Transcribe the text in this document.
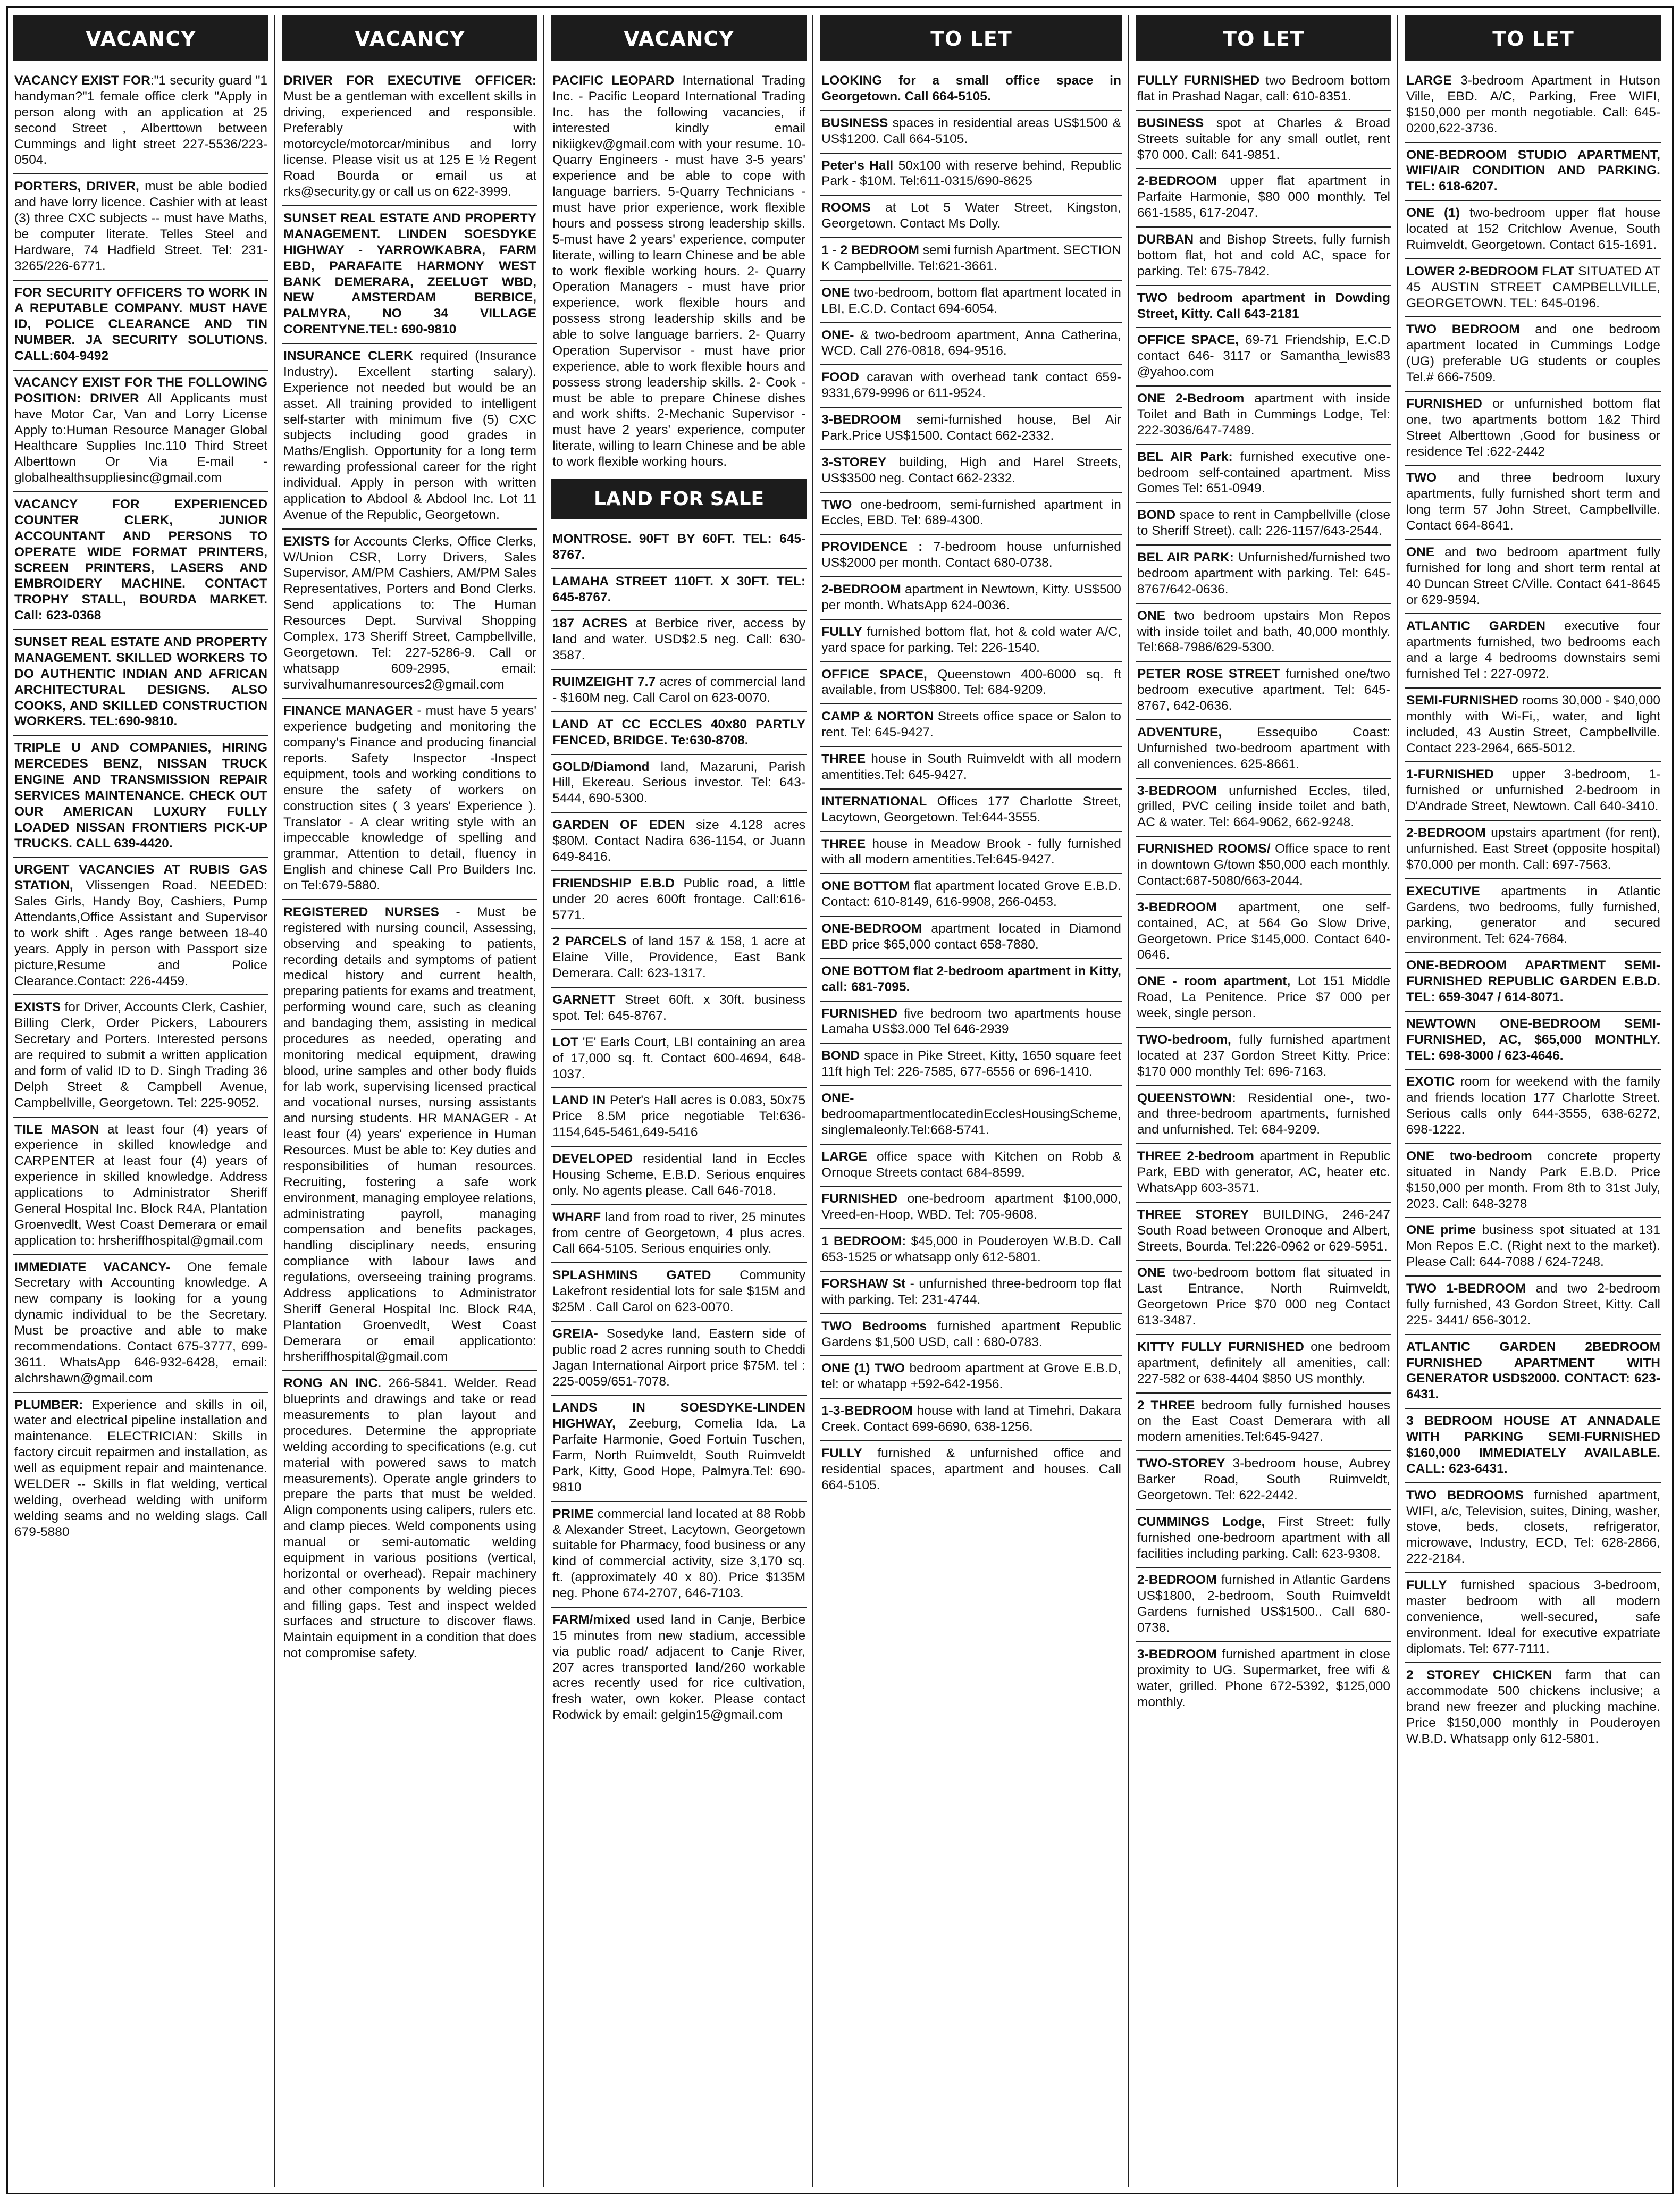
VACANCY
VACANCY EXIST FOR:"1 security guard "1 handyman?"1 female office clerk "Apply in person along with an application at 25 second Street , Alberttown between Cummings and light street 227-5536/223-0504.
PORTERS, DRIVER, must be able bodied and have lorry licence. Cashier with at least (3) three CXC subjects -- must have Maths, be computer literate. Telles Steel and Hardware, 74 Hadfield Street. Tel: 231-3265/226-6771.
FOR SECURITY OFFICERS TO WORK IN A REPUTABLE COMPANY. MUST HAVE ID, POLICE CLEARANCE AND TIN NUMBER. JA SECURITY SOLUTIONS. CALL:604-9492
VACANCY EXIST FOR THE FOLLOWING POSITION: DRIVER All Applicants must have Motor Car, Van and Lorry License Apply to:Human Resource Manager Global Healthcare Supplies Inc.110 Third Street Alberttown Or Via E-mail - globalhealthsuppliesinc@gmail.com
VACANCY FOR EXPERIENCED COUNTER CLERK, JUNIOR ACCOUNTANT AND PERSONS TO OPERATE WIDE FORMAT PRINTERS, SCREEN PRINTERS, LASERS AND EMBROIDERY MACHINE. CONTACT TROPHY STALL, BOURDA MARKET. Call: 623-0368
SUNSET REAL ESTATE AND PROPERTY MANAGEMENT. SKILLED WORKERS TO DO AUTHENTIC INDIAN AND AFRICAN ARCHITECTURAL DESIGNS. ALSO COOKS, AND SKILLED CONSTRUCTION WORKERS. TEL:690-9810.
TRIPLE U AND COMPANIES, HIRING MERCEDES BENZ, NISSAN TRUCK ENGINE AND TRANSMISSION REPAIR SERVICES MAINTENANCE. CHECK OUT OUR AMERICAN LUXURY FULLY LOADED NISSAN FRONTIERS PICK-UP TRUCKS. CALL 639-4420.
URGENT VACANCIES AT RUBIS GAS STATION, Vlissengen Road. NEEDED: Sales Girls, Handy Boy, Cashiers, Pump Attendants,Office Assistant and Supervisor to work shift . Ages range between 18-40 years. Apply in person with Passport size picture,Resume and Police Clearance.Contact: 226-4459.
EXISTS for Driver, Accounts Clerk, Cashier, Billing Clerk, Order Pickers, Labourers Secretary and Porters. Interested persons are required to submit a written application and form of valid ID to D. Singh Trading 36 Delph Street & Campbell Avenue, Campbellville, Georgetown. Tel: 225-9052.
TILE MASON at least four (4) years of experience in skilled knowledge and CARPENTER at least four (4) years of experience in skilled knowledge. Address applications to Administrator Sheriff General Hospital Inc. Block R4A, Plantation Groenvedlt, West Coast Demerara or email application to: hrsheriffhospital@gmail.com
IMMEDIATE VACANCY- One female Secretary with Accounting knowledge. A new company is looking for a young dynamic individual to be the Secretary. Must be proactive and able to make recommendations. Contact 675-3777, 699-3611. WhatsApp 646-932-6428, email: alchrshawn@gmail.com
PLUMBER: Experience and skills in oil, water and electrical pipeline installation and maintenance. ELECTRICIAN: Skills in factory circuit repairmen and installation, as well as equipment repair and maintenance. WELDER -- Skills in flat welding, vertical welding, overhead welding with uniform welding seams and no welding slags. Call 679-5880
VACANCY
DRIVER FOR EXECUTIVE OFFICER: Must be a gentleman with excellent skills in driving, experienced and responsible. Preferably with motorcycle/motorcar/minibus and lorry license. Please visit us at 125 E ½ Regent Road Bourda or email us at rks@security.gy or call us on 622-3999.
SUNSET REAL ESTATE AND PROPERTY MANAGEMENT. LINDEN SOESDYKE HIGHWAY - YARROWKABRA, FARM EBD, PARAFAITE HARMONY WEST BANK DEMERARA, ZEELUGT WBD, NEW AMSTERDAM BERBICE, PALMYRA, NO 34 VILLAGE CORENTYNE.TEL: 690-9810
INSURANCE CLERK required (Insurance Industry). Excellent starting salary). Experience not needed but would be an asset. All training provided to intelligent self-starter with minimum five (5) CXC subjects including good grades in Maths/English. Opportunity for a long term rewarding professional career for the right individual. Apply in person with written application to Abdool & Abdool Inc. Lot 11 Avenue of the Republic, Georgetown.
EXISTS for Accounts Clerks, Office Clerks, W/Union CSR, Lorry Drivers, Sales Supervisor, AM/PM Cashiers, AM/PM Sales Representatives, Porters and Bond Clerks. Send applications to: The Human Resources Dept. Survival Shopping Complex, 173 Sheriff Street, Campbellville, Georgetown. Tel: 227-5286-9. Call or whatsapp 609-2995, email: survivalhumanresources2@gmail.com
FINANCE MANAGER - must have 5 years' experience budgeting and monitoring the company's Finance and producing financial reports. Safety Inspector -Inspect equipment, tools and working conditions to ensure the safety of workers on construction sites ( 3 years' Experience ). Translator - A clear writing style with an impeccable knowledge of spelling and grammar, Attention to detail, fluency in English and chinese Call Pro Builders Inc. on Tel:679-5880.
REGISTERED NURSES - Must be registered with nursing council, Assessing, observing and speaking to patients, recording details and symptoms of patient medical history and current health, preparing patients for exams and treatment, performing wound care, such as cleaning and bandaging them, assisting in medical procedures as needed, operating and monitoring medical equipment, drawing blood, urine samples and other body fluids for lab work, supervising licensed practical and vocational nurses, nursing assistants and nursing students. HR MANAGER - At least four (4) years' experience in Human Resources. Must be able to: Key duties and responsibilities of human resources. Recruiting, fostering a safe work environment, managing employee relations, administrating payroll, managing compensation and benefits packages, handling disciplinary needs, ensuring compliance with labour laws and regulations, overseeing training programs. Address applications to Administrator Sheriff General Hospital Inc. Block R4A, Plantation Groenvedlt, West Coast Demerara or email applicationto: hrsheriffhospital@gmail.com
RONG AN INC. 266-5841. Welder. Read blueprints and drawings and take or read measurements to plan layout and procedures. Determine the appropriate welding according to specifications (e.g. cut material with powered saws to match measurements). Operate angle grinders to prepare the parts that must be welded. Align components using calipers, rulers etc. and clamp pieces. Weld components using manual or semi-automatic welding equipment in various positions (vertical, horizontal or overhead). Repair machinery and other components by welding pieces and filling gaps. Test and inspect welded surfaces and structure to discover flaws. Maintain equipment in a condition that does not compromise safety.
VACANCY
PACIFIC LEOPARD International Trading Inc. - Pacific Leopard International Trading Inc. has the following vacancies, if interested kindly email nikiigkev@gmail.com with your resume. 10-Quarry Engineers - must have 3-5 years' experience and be able to cope with language barriers. 5-Quarry Technicians - must have prior experience, work flexible hours and possess strong leadership skills. 5-must have 2 years' experience, computer literate, willing to learn Chinese and be able to work flexible working hours. 2- Quarry Operation Managers - must have prior experience, work flexible hours and possess strong leadership skills and be able to solve language barriers. 2- Quarry Operation Supervisor - must have prior experience, able to work flexible hours and possess strong leadership skills. 2- Cook - must be able to prepare Chinese dishes and work shifts. 2-Mechanic Supervisor - must have 2 years' experience, computer literate, willing to learn Chinese and be able to work flexible working hours.
LAND FOR SALE
MONTROSE. 90FT BY 60FT. TEL: 645-8767.
LAMAHA STREET 110FT. X 30FT. TEL: 645-8767.
187 ACRES at Berbice river, access by land and water. USD$2.5 neg. Call: 630-3587.
RUIMZEIGHT 7.7 acres of commercial land - $160M neg. Call Carol on 623-0070.
LAND AT CC ECCLES 40x80 PARTLY FENCED, BRIDGE. Te:630-8708.
GOLD/Diamond land, Mazaruni, Parish Hill, Ekereau. Serious investor. Tel: 643-5444, 690-5300.
GARDEN OF EDEN size 4.128 acres $80M. Contact Nadira 636-1154, or Juann 649-8416.
FRIENDSHIP E.B.D Public road, a little under 20 acres 600ft frontage. Call:616-5771.
2 PARCELS of land 157 & 158, 1 acre at Elaine Ville, Providence, East Bank Demerara. Call: 623-1317.
GARNETT Street 60ft. x 30ft. business spot. Tel: 645-8767.
LOT 'E' Earls Court, LBI containing an area of 17,000 sq. ft. Contact 600-4694, 648-1037.
LAND IN Peter's Hall acres is 0.083, 50x75 Price 8.5M price negotiable Tel:636-1154,645-5461,649-5416
DEVELOPED residential land in Eccles Housing Scheme, E.B.D. Serious enquires only. No agents please. Call 646-7018.
WHARF land from road to river, 25 minutes from centre of Georgetown, 4 plus acres. Call 664-5105. Serious enquiries only.
SPLASHMINS GATED Community Lakefront residential lots for sale $15M and $25M . Call Carol on 623-0070.
GREIA- Sosedyke land, Eastern side of public road 2 acres running south to Cheddi Jagan International Airport price $75M. tel : 225-0059/651-7078.
LANDS IN SOESDYKE-LINDEN HIGHWAY, Zeeburg, Comelia Ida, La Parfaite Harmonie, Goed Fortuin Tuschen, Farm, North Ruimveldt, South Ruimveldt Park, Kitty, Good Hope, Palmyra.Tel: 690-9810
PRIME commercial land located at 88 Robb & Alexander Street, Lacytown, Georgetown suitable for Pharmacy, food business or any kind of commercial activity, size 3,170 sq. ft. (approximately 40 x 80). Price $135M neg. Phone 674-2707, 646-7103.
FARM/mixed used land in Canje, Berbice 15 minutes from new stadium, accessible via public road/ adjacent to Canje River, 207 acres transported land/260 workable acres recently used for rice cultivation, fresh water, own koker. Please contact Rodwick by email: gelgin15@gmail.com
TO LET
LOOKING for a small office space in Georgetown. Call 664-5105.
BUSINESS spaces in residential areas US$1500 & US$1200. Call 664-5105.
Peter's Hall 50x100 with reserve behind, Republic Park - $10M. Tel:611-0315/690-8625
ROOMS at Lot 5 Water Street, Kingston, Georgetown. Contact Ms Dolly.
1 - 2 BEDROOM semi furnish Apartment. SECTION K Campbellville. Tel:621-3661.
ONE two-bedroom, bottom flat apartment located in LBI, E.C.D. Contact 694-6054.
ONE- & two-bedroom apartment, Anna Catherina, WCD. Call 276-0818, 694-9516.
FOOD caravan with overhead tank contact 659-9331,679-9996 or 611-9524.
3-BEDROOM semi-furnished house, Bel Air Park.Price US$1500. Contact 662-2332.
3-STOREY building, High and Harel Streets, US$3500 neg. Contact 662-2332.
TWO one-bedroom, semi-furnished apartment in Eccles, EBD. Tel: 689-4300.
PROVIDENCE : 7-bedroom house unfurnished US$2000 per month. Contact 680-0738.
2-BEDROOM apartment in Newtown, Kitty. US$500 per month. WhatsApp 624-0036.
FULLY furnished bottom flat, hot & cold water A/C, yard space for parking. Tel: 226-1540.
OFFICE SPACE, Queenstown 400-6000 sq. ft available, from US$800. Tel: 684-9209.
CAMP & NORTON Streets office space or Salon to rent. Tel: 645-9427.
THREE house in South Ruimveldt with all modern amentities.Tel: 645-9427.
INTERNATIONAL Offices 177 Charlotte Street, Lacytown, Georgetown. Tel:644-3555.
THREE house in Meadow Brook - fully furnished with all modern amentities.Tel:645-9427.
ONE BOTTOM flat apartment located Grove E.B.D. Contact: 610-8149, 616-9908, 266-0453.
ONE-BEDROOM apartment located in Diamond EBD price $65,000 contact 658-7880.
ONE BOTTOM flat 2-bedroom apartment in Kitty, call: 681-7095.
FURNISHED five bedroom two apartments house Lamaha US$3.000 Tel 646-2939
BOND space in Pike Street, Kitty, 1650 square feet 11ft high Tel: 226-7585, 677-6556 or 696-1410.
ONE-bedroomapartmentlocatedinEcclesHousingScheme, singlemaleonly.Tel:668-5741.
LARGE office space with Kitchen on Robb & Ornoque Streets contact 684-8599.
FURNISHED one-bedroom apartment $100,000, Vreed-en-Hoop, WBD. Tel: 705-9608.
1 BEDROOM: $45,000 in Pouderoyen W.B.D. Call 653-1525 or whatsapp only 612-5801.
FORSHAW St - unfurnished three-bedroom top flat with parking. Tel: 231-4744.
TWO Bedrooms furnished apartment Republic Gardens $1,500 USD, call : 680-0783.
ONE (1) TWO bedroom apartment at Grove E.B.D, tel: or whatapp +592-642-1956.
1-3-BEDROOM house with land at Timehri, Dakara Creek. Contact 699-6690, 638-1256.
FULLY furnished & unfurnished office and residential spaces, apartment and houses. Call 664-5105.
TO LET
FULLY FURNISHED two Bedroom bottom flat in Prashad Nagar, call: 610-8351.
BUSINESS spot at Charles & Broad Streets suitable for any small outlet, rent $70 000. Call: 641-9851.
2-BEDROOM upper flat apartment in Parfaite Harmonie, $80 000 monthly. Tel 661-1585, 617-2047.
DURBAN and Bishop Streets, fully furnish bottom flat, hot and cold AC, space for parking. Tel: 675-7842.
TWO bedroom apartment in Dowding Street, Kitty. Call 643-2181
OFFICE SPACE, 69-71 Friendship, E.C.D contact 646- 3117 or Samantha_lewis83 @yahoo.com
ONE 2-Bedroom apartment with inside Toilet and Bath in Cummings Lodge, Tel: 222-3036/647-7489.
BEL AIR Park: furnished executive one-bedroom self-contained apartment. Miss Gomes Tel: 651-0949.
BOND space to rent in Campbellville (close to Sheriff Street). call: 226-1157/643-2544.
BEL AIR PARK: Unfurnished/furnished two bedroom apartment with parking. Tel: 645-8767/642-0636.
ONE two bedroom upstairs Mon Repos with inside toilet and bath, 40,000 monthly. Tel:668-7986/629-5300.
PETER ROSE STREET furnished one/two bedroom executive apartment. Tel: 645-8767, 642-0636.
ADVENTURE, Essequibo Coast: Unfurnished two-bedroom apartment with all conveniences. 625-8661.
3-BEDROOM unfurnished Eccles, tiled, grilled, PVC ceiling inside toilet and bath, AC & water. Tel: 664-9062, 662-9248.
FURNISHED ROOMS/ Office space to rent in downtown G/town $50,000 each monthly. Contact:687-5080/663-2044.
3-BEDROOM apartment, one self-contained, AC, at 564 Go Slow Drive, Georgetown. Price $145,000. Contact 640-0646.
ONE - room apartment, Lot 151 Middle Road, La Penitence. Price $7 000 per week, single person.
TWO-bedroom, fully furnished apartment located at 237 Gordon Street Kitty. Price: $170 000 monthly Tel: 696-7163.
QUEENSTOWN: Residential one-, two- and three-bedroom apartments, furnished and unfurnished. Tel: 684-9209.
THREE 2-bedroom apartment in Republic Park, EBD with generator, AC, heater etc. WhatsApp 603-3571.
THREE STOREY BUILDING, 246-247 South Road between Oronoque and Albert, Streets, Bourda. Tel:226-0962 or 629-5951.
ONE two-bedroom bottom flat situated in Last Entrance, North Ruimveldt, Georgetown Price $70 000 neg Contact 613-3487.
KITTY FULLY FURNISHED one bedroom apartment, definitely all amenities, call: 227-582 or 638-4404 $850 US monthly.
2 THREE bedroom fully furnished houses on the East Coast Demerara with all modern amenities.Tel:645-9427.
TWO-STOREY 3-bedroom house, Aubrey Barker Road, South Ruimveldt, Georgetown. Tel: 622-2442.
CUMMINGS Lodge, First Street: fully furnished one-bedroom apartment with all facilities including parking. Call: 623-9308.
2-BEDROOM furnished in Atlantic Gardens US$1800, 2-bedroom, South Ruimveldt Gardens furnished US$1500.. Call 680-0738.
3-BEDROOM furnished apartment in close proximity to UG. Supermarket, free wifi & water, grilled. Phone 672-5392, $125,000 monthly.
TO LET
LARGE 3-bedroom Apartment in Hutson Ville, EBD. A/C, Parking, Free WIFI, $150,000 per month negotiable. Call: 645-0200,622-3736.
ONE-BEDROOM STUDIO APARTMENT, WIFI/AIR CONDITION AND PARKING. TEL: 618-6207.
ONE (1) two-bedroom upper flat house located at 152 Critchlow Avenue, South Ruimveldt, Georgetown. Contact 615-1691.
LOWER 2-BEDROOM FLAT SITUATED AT 45 AUSTIN STREET CAMPBELLVILLE, GEORGETOWN. TEL: 645-0196.
TWO BEDROOM and one bedroom apartment located in Cummings Lodge (UG) preferable UG students or couples Tel.# 666-7509.
FURNISHED or unfurnished bottom flat one, two apartments bottom 1&2 Third Street Alberttown ,Good for business or residence Tel :622-2442
TWO and three bedroom luxury apartments, fully furnished short term and long term 57 John Street, Campbellville. Contact 664-8641.
ONE and two bedroom apartment fully furnished for long and short term rental at 40 Duncan Street C/Ville. Contact 641-8645 or 629-9594.
ATLANTIC GARDEN executive four apartments furnished, two bedrooms each and a large 4 bedrooms downstairs semi furnished Tel : 227-0972.
SEMI-FURNISHED rooms 30,000 - $40,000 monthly with Wi-Fi,, water, and light included, 43 Austin Street, Campbellville. Contact 223-2964, 665-5012.
1-FURNISHED upper 3-bedroom, 1-furnished or unfurnished 2-bedroom in D'Andrade Street, Newtown. Call 640-3410.
2-BEDROOM upstairs apartment (for rent), unfurnished. East Street (opposite hospital) $70,000 per month. Call: 697-7563.
EXECUTIVE apartments in Atlantic Gardens, two bedrooms, fully furnished, parking, generator and secured environment. Tel: 624-7684.
ONE-BEDROOM APARTMENT SEMI-FURNISHED REPUBLIC GARDEN E.B.D. TEL: 659-3047 / 614-8071.
NEWTOWN ONE-BEDROOM SEMI-FURNISHED, AC, $65,000 MONTHLY. TEL: 698-3000 / 623-4646.
EXOTIC room for weekend with the family and friends location 177 Charlotte Street. Serious calls only 644-3555, 638-6272, 698-1222.
ONE two-bedroom concrete property situated in Nandy Park E.B.D. Price $150,000 per month. From 8th to 31st July, 2023. Call: 648-3278
ONE prime business spot situated at 131 Mon Repos E.C. (Right next to the market). Please Call: 644-7088 / 624-7248.
TWO 1-BEDROOM and two 2-bedroom fully furnished, 43 Gordon Street, Kitty. Call 225- 3441/ 656-3012.
ATLANTIC GARDEN 2BEDROOM FURNISHED APARTMENT WITH GENERATOR USD$2000. CONTACT: 623-6431.
3 BEDROOM HOUSE AT ANNADALE WITH PARKING SEMI-FURNISHED $160,000 IMMEDIATELY AVAILABLE. CALL: 623-6431.
TWO BEDROOMS furnished apartment, WIFI, a/c, Television, suites, Dining, washer, stove, beds, closets, refrigerator, microwave, Industry, ECD, Tel: 628-2866, 222-2184.
FULLY furnished spacious 3-bedroom, master bedroom with all modern convenience, well-secured, safe environment. Ideal for executive expatriate diplomats. Tel: 677-7111.
2 STOREY CHICKEN farm that can accommodate 500 chickens inclusive; a brand new freezer and plucking machine. Price $150,000 monthly in Pouderoyen W.B.D. Whatsapp only 612-5801.
